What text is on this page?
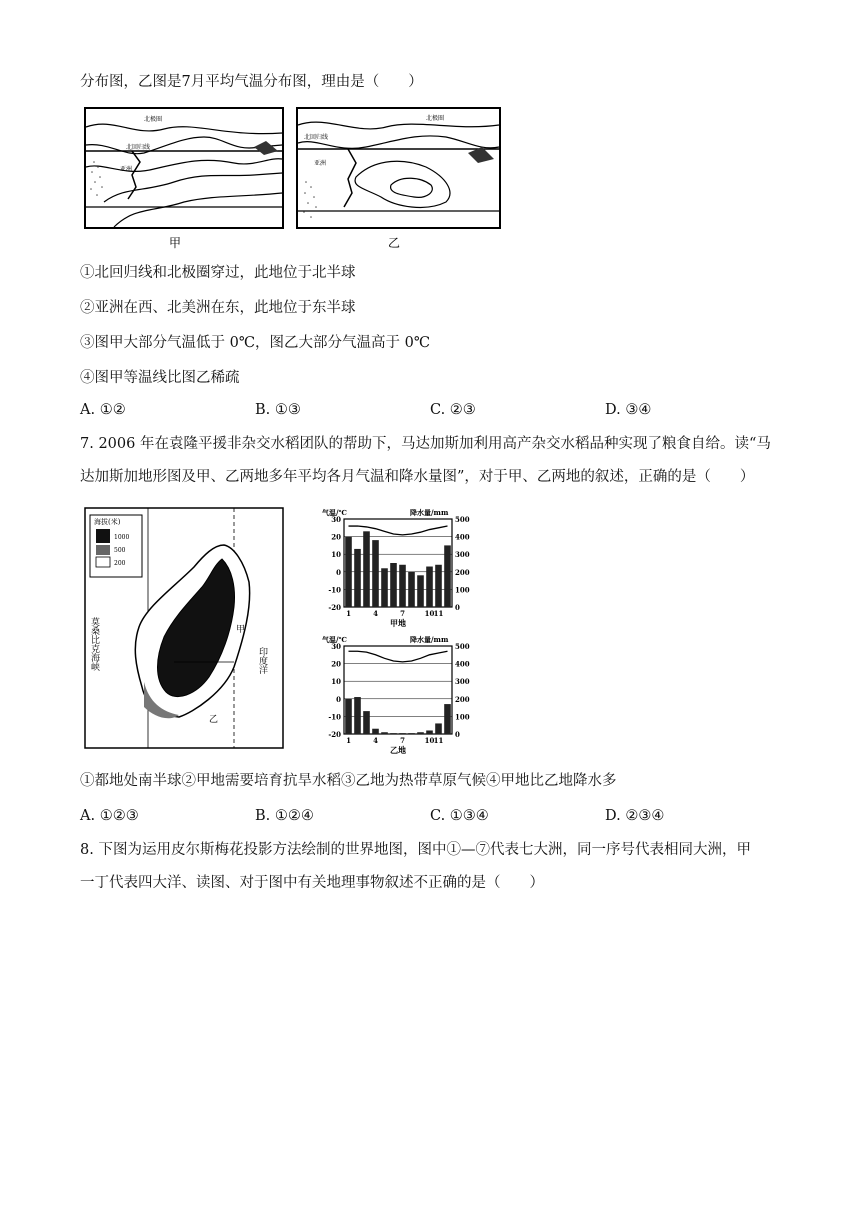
分布图，乙图是7月平均气温分布图，理由是（　　）
北极圈
北回归线
亚洲
甲
北极圈
北回归线
亚洲
乙
①北回归线和北极圈穿过，此地位于北半球
②亚洲在西、北美洲在东，此地位于东半球
③图甲大部分气温低于 0℃，图乙大部分气温高于 0℃
④图甲等温线比图乙稀疏
A. ①②	B. ①③	C. ②③	D. ③④
7. 2006 年在袁隆平援非杂交水稻团队的帮助下，马达加斯加利用高产杂交水稻品种实现了粮食自给。读“马
达加斯加地形图及甲、乙两地多年平均各月气温和降水量图”，对于甲、乙两地的叙述，正确的是（　　）
海拔(米)
1000
500
200
莫桑比克海峡	印度洋
甲
乙
-20
-10
0
10
20
30
0
100
200
300
400
500
气温/℃	降水量/mm
1	4	7	10 11
甲地
-20
-10
0
10
20
30
0
100
200
300
400
500
气温/℃	降水量/mm
1	4	7	10 11
乙地
①都地处南半球②甲地需要培育抗旱水稻③乙地为热带草原气候④甲地比乙地降水多
A. ①②③	B. ①②④	C. ①③④	D. ②③④
8. 下图为运用皮尔斯梅花投影方法绘制的世界地图，图中①—⑦代表七大洲，同一序号代表相同大洲，甲
一丁代表四大洋、读图、对于图中有关地理事物叙述不正确的是（　　）
